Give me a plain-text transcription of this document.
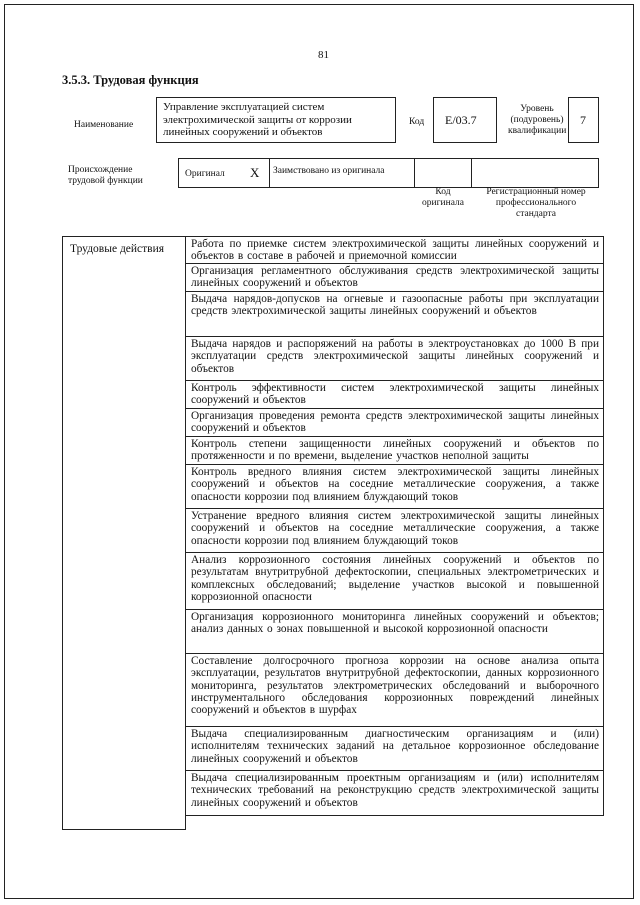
81
3.5.3. Трудовая функция
Наименование
Управление эксплуатацией систем электрохимической защиты от коррозии линейных сооружений и объектов
Код Е/03.7
Уровень (подуровень) квалификации
7
Происхождение трудовой функции
Оригинал X Заимствовано из оригинала
Код оригинала
Регистрационный номер профессионального стандарта
Трудовые действия	Работа по приемке систем электрохимической защиты линейных сооружений и объектов в составе в рабочей и приемочной комиссии
Организация регламентного обслуживания средств электрохимической защиты линейных сооружений и объектов
Выдача нарядов-допусков на огневые и газоопасные работы при эксплуатации средств электрохимической защиты линейных сооружений и объектов
Выдача нарядов и распоряжений на работы в электроустановках до 1000 В при эксплуатации средств электрохимической защиты линейных сооружений и объектов
Контроль эффективности систем электрохимической защиты линейных сооружений и объектов
Организация проведения ремонта средств электрохимической защиты линейных сооружений и объектов
Контроль степени защищенности линейных сооружений и объектов по протяженности и по времени, выделение участков неполной защиты
Контроль вредного влияния систем электрохимической защиты линейных сооружений и объектов на соседние металлические сооружения, а также опасности коррозии под влиянием блуждающий токов
Устранение вредного влияния систем электрохимической защиты линейных сооружений и объектов на соседние металлические сооружения, а также опасности коррозии под влиянием блуждающий токов
Анализ коррозионного состояния линейных сооружений и объектов по результатам внутритрубной дефектоскопии, специальных электрометрических и комплексных обследований; выделение участков высокой и повышенной коррозионной опасности
Организация коррозионного мониторинга линейных сооружений и объектов; анализ данных о зонах повышенной и высокой коррозионной опасности
Составление долгосрочного прогноза коррозии на основе анализа опыта эксплуатации, результатов внутритрубной дефектоскопии, данных коррозионного мониторинга, результатов электрометрических обследований и выборочного инструментального обследования коррозионных повреждений линейных сооружений и объектов в шурфах
Выдача специализированным диагностическим организациям и (или) исполнителям технических заданий на детальное коррозионное обследование линейных сооружений и объектов
Выдача специализированным проектным организациям и (или) исполнителям технических требований на реконструкцию средств электрохимической защиты линейных сооружений и объектов
